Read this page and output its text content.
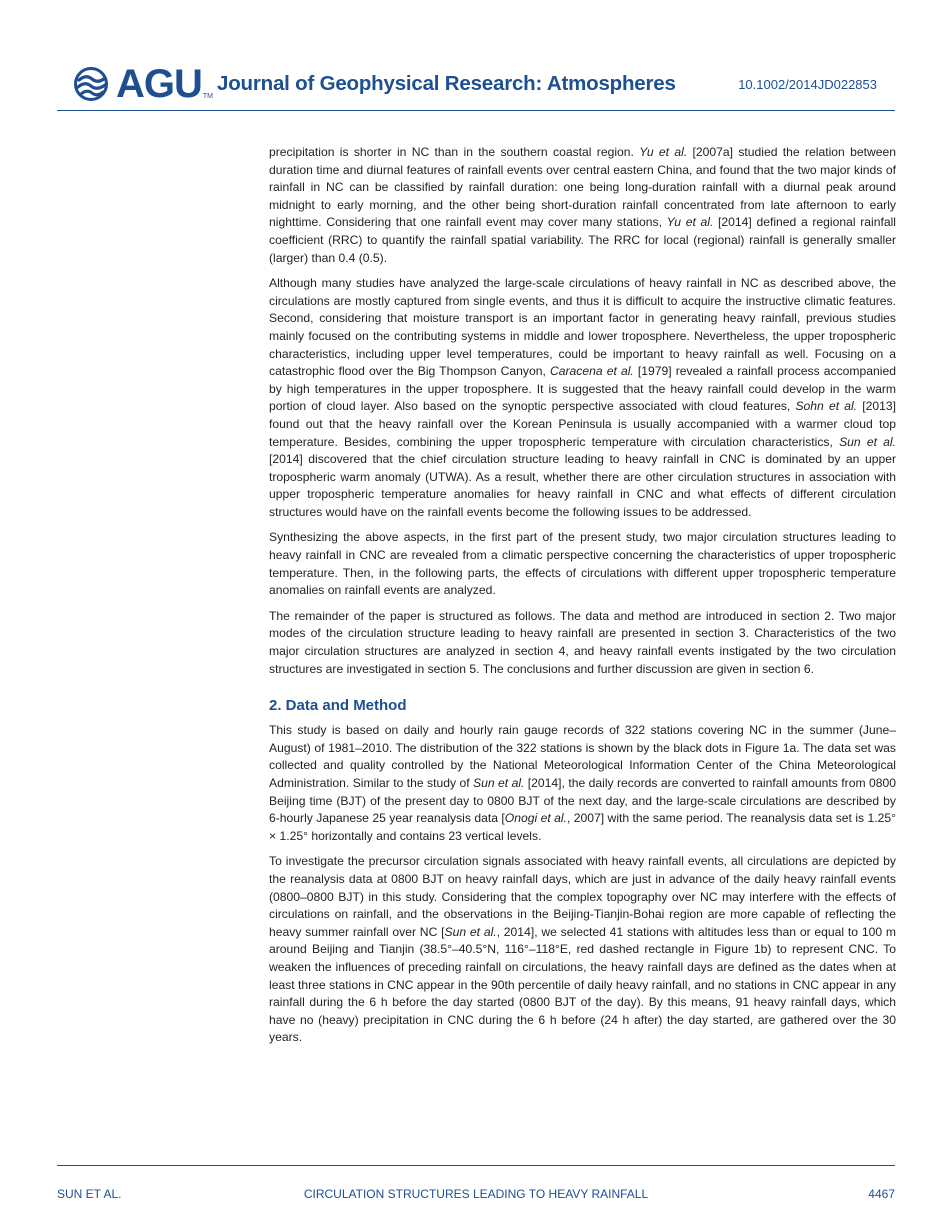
AGU TM
Journal of Geophysical Research: Atmospheres	10.1002/2014JD022853

precipitation is shorter in NC than in the southern coastal region. Yu et al. [2007a] studied the relation between duration time and diurnal features of rainfall events over central eastern China, and found that the two major kinds of rainfall in NC can be classified by rainfall duration: one being long-duration rainfall with a diurnal peak around midnight to early morning, and the other being short-duration rainfall concentrated from late afternoon to early nighttime. Considering that one rainfall event may cover many stations, Yu et al. [2014] defined a regional rainfall coefficient (RRC) to quantify the rainfall spatial variability. The RRC for local (regional) rainfall is generally smaller (larger) than 0.4 (0.5).

Although many studies have analyzed the large-scale circulations of heavy rainfall in NC as described above, the circulations are mostly captured from single events, and thus it is difficult to acquire the instructive climatic features. Second, considering that moisture transport is an important factor in generating heavy rainfall, previous studies mainly focused on the contributing systems in middle and lower troposphere. Nevertheless, the upper tropospheric characteristics, including upper level temperatures, could be important to heavy rainfall as well. Focusing on a catastrophic flood over the Big Thompson Canyon, Caracena et al. [1979] revealed a rainfall process accompanied by high temperatures in the upper troposphere. It is suggested that the heavy rainfall could develop in the warm portion of cloud layer. Also based on the synoptic perspective associated with cloud features, Sohn et al. [2013] found out that the heavy rainfall over the Korean Peninsula is usually accompanied with a warmer cloud top temperature. Besides, combining the upper tropospheric temperature with circulation characteristics, Sun et al. [2014] discovered that the chief circulation structure leading to heavy rainfall in CNC is dominated by an upper tropospheric warm anomaly (UTWA). As a result, whether there are other circulation structures in association with upper tropospheric temperature anomalies for heavy rainfall in CNC and what effects of different circulation structures would have on the rainfall events become the following issues to be addressed.

Synthesizing the above aspects, in the first part of the present study, two major circulation structures leading to heavy rainfall in CNC are revealed from a climatic perspective concerning the characteristics of upper tropospheric temperature. Then, in the following parts, the effects of circulations with different upper tropospheric temperature anomalies on rainfall events are analyzed.

The remainder of the paper is structured as follows. The data and method are introduced in section 2. Two major modes of the circulation structure leading to heavy rainfall are presented in section 3. Characteristics of the two major circulation structures are analyzed in section 4, and heavy rainfall events instigated by the two circulation structures are investigated in section 5. The conclusions and further discussion are given in section 6.

2. Data and Method

This study is based on daily and hourly rain gauge records of 322 stations covering NC in the summer (June–August) of 1981–2010. The distribution of the 322 stations is shown by the black dots in Figure 1a. The data set was collected and quality controlled by the National Meteorological Information Center of the China Meteorological Administration. Similar to the study of Sun et al. [2014], the daily records are converted to rainfall amounts from 0800 Beijing time (BJT) of the present day to 0800 BJT of the next day, and the large-scale circulations are described by 6-hourly Japanese 25 year reanalysis data [Onogi et al., 2007] with the same period. The reanalysis data set is 1.25° × 1.25° horizontally and contains 23 vertical levels.

To investigate the precursor circulation signals associated with heavy rainfall events, all circulations are depicted by the reanalysis data at 0800 BJT on heavy rainfall days, which are just in advance of the daily heavy rainfall events (0800–0800 BJT) in this study. Considering that the complex topography over NC may interfere with the effects of circulations on rainfall, and the observations in the Beijing-Tianjin-Bohai region are more capable of reflecting the heavy summer rainfall over NC [Sun et al., 2014], we selected 41 stations with altitudes less than or equal to 100 m around Beijing and Tianjin (38.5°–40.5°N, 116°–118°E, red dashed rectangle in Figure 1b) to represent CNC. To weaken the influences of preceding rainfall on circulations, the heavy rainfall days are defined as the dates when at least three stations in CNC appear in the 90th percentile of daily heavy rainfall, and no stations in CNC appear in any rainfall during the 6 h before the day started (0800 BJT of the day). By this means, 91 heavy rainfall days, which have no (heavy) precipitation in CNC during the 6 h before (24 h after) the day started, are gathered over the 30 years.

SUN ET AL.	CIRCULATION STRUCTURES LEADING TO HEAVY RAINFALL	4467
